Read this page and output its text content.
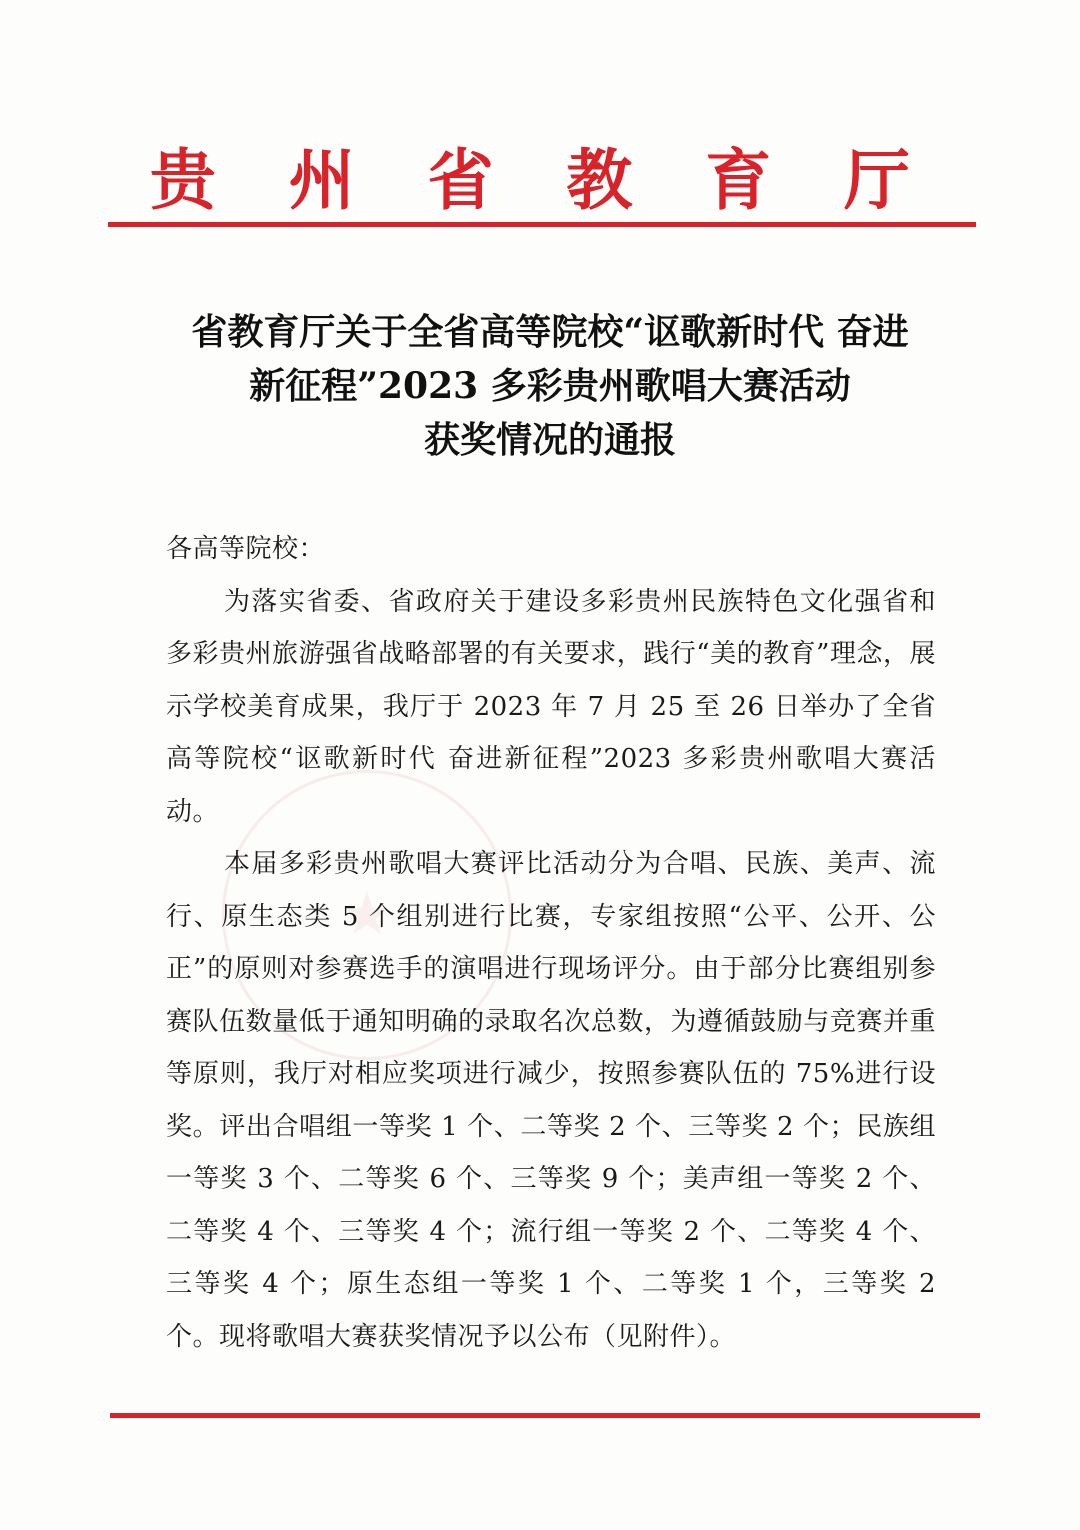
贵 州 省 教 育 厅
省教育厅关于全省高等院校“讴歌新时代 奋进
新征程”2023 多彩贵州歌唱大赛活动
获奖情况的通报

各高等院校：

为落实省委、省政府关于建设多彩贵州民族特色文化强省和多彩贵州旅游强省战略部署的有关要求，践行“美的教育”理念，展示学校美育成果，我厅于 2023 年 7 月 25 至 26 日举办了全省高等院校“讴歌新时代 奋进新征程”2023 多彩贵州歌唱大赛活动。

本届多彩贵州歌唱大赛评比活动分为合唱、民族、美声、流行、原生态类 5 个组别进行比赛，专家组按照“公平、公开、公正”的原则对参赛选手的演唱进行现场评分。由于部分比赛组别参赛队伍数量低于通知明确的录取名次总数，为遵循鼓励与竞赛并重等原则，我厅对相应奖项进行减少，按照参赛队伍的 75%进行设奖。评出合唱组一等奖 1 个、二等奖 2 个、三等奖 2 个；民族组一等奖 3 个、二等奖 6 个、三等奖 9 个；美声组一等奖 2 个、二等奖 4 个、三等奖 4 个；流行组一等奖 2 个、二等奖 4 个、三等奖 4 个；原生态组一等奖 1 个、二等奖 1 个，三等奖 2 个。现将歌唱大赛获奖情况予以公布（见附件）。
